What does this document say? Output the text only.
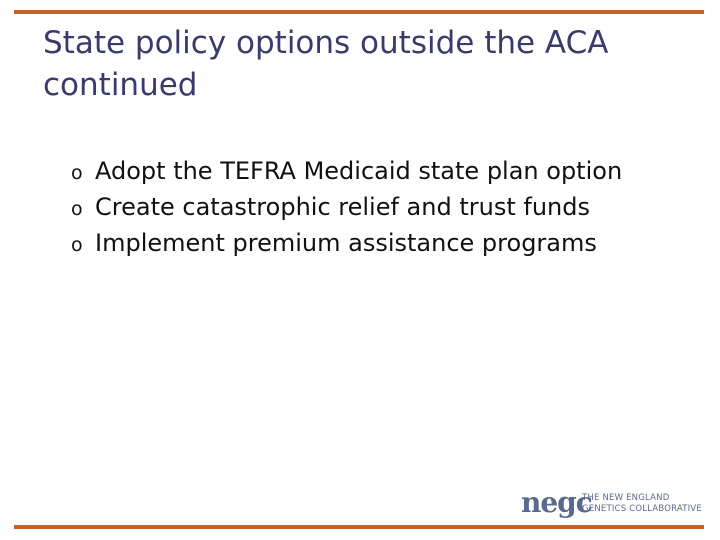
State policy options outside the ACA continued
o Adopt the TEFRA Medicaid state plan option
o Create catastrophic relief and trust funds
o Implement premium assistance programs
negc
THE NEW ENGLAND
GENETICS COLLABORATIVE
